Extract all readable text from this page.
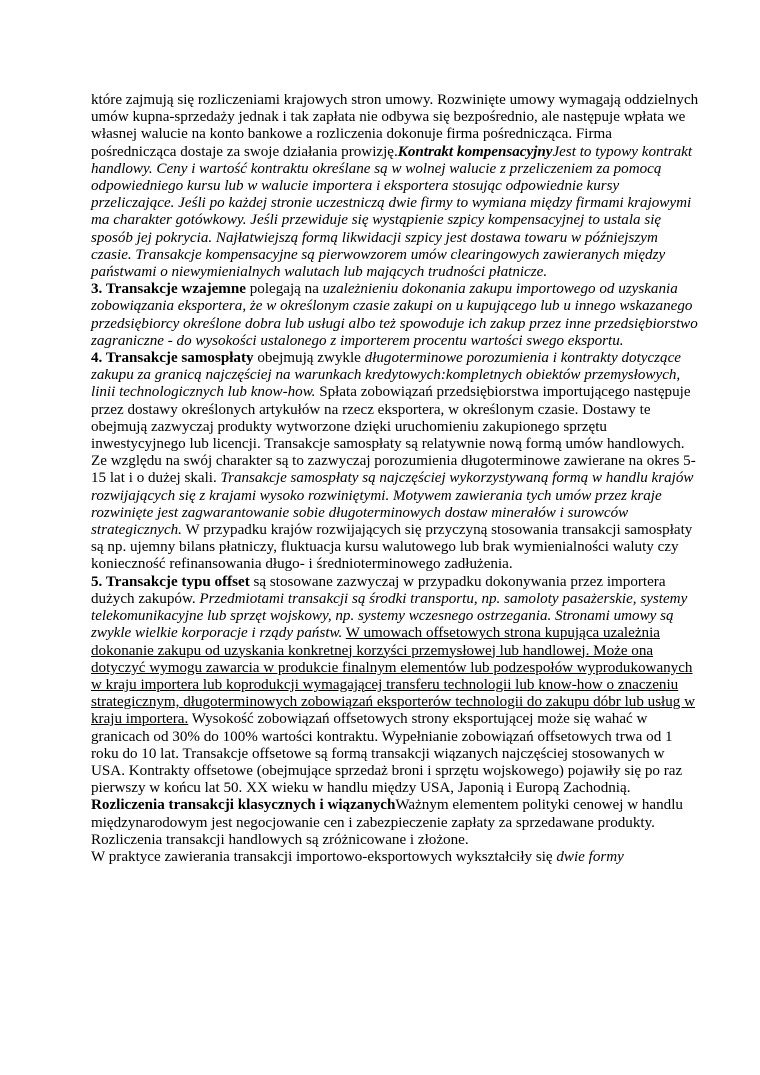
które zajmują się rozliczeniami krajowych stron umowy. Rozwinięte umowy wymagają oddzielnych umów kupna-sprzedaży jednak i tak zapłata nie odbywa się bezpośrednio, ale następuje wpłata we własnej walucie na konto bankowe a rozliczenia dokonuje firma pośrednicząca. Firma pośrednicząca dostaje za swoje działania prowizję.Kontrakt kompensacyjnyJest to typowy kontrakt handlowy. Ceny i wartość kontraktu określane są w wolnej walucie z przeliczeniem za pomocą odpowiedniego kursu lub w walucie importera i eksportera stosując odpowiednie kursy przeliczające. Jeśli po każdej stronie uczestniczą dwie firmy to wymiana między firmami krajowymi ma charakter gotówkowy. Jeśli przewiduje się wystąpienie szpicy kompensacyjnej to ustala się sposób jej pokrycia. Najłatwiejszą formą likwidacji szpicy jest dostawa towaru w późniejszym czasie. Transakcje kompensacyjne są pierwowzorem umów clearingowych zawieranych między państwami o niewymienialnych walutach lub mających trudności płatnicze.

3. Transakcje wzajemne polegają na uzależnieniu dokonania zakupu importowego od uzyskania zobowiązania eksportera, że w określonym czasie zakupi on u kupującego lub u innego wskazanego przedsiębiorcy określone dobra lub usługi albo też spowoduje ich zakup przez inne przedsiębiorstwo zagraniczne - do wysokości ustalonego z importerem procentu wartości swego eksportu.

4. Transakcje samospłaty obejmują zwykle długoterminowe porozumienia i kontrakty dotyczące zakupu za granicą najczęściej na warunkach kredytowych:kompletnych obiektów przemysłowych, linii technologicznych lub know-how. Spłata zobowiązań przedsiębiorstwa importującego następuje przez dostawy określonych artykułów na rzecz eksportera, w określonym czasie. Dostawy te obejmują zazwyczaj produkty wytworzone dzięki uruchomieniu zakupionego sprzętu inwestycyjnego lub licencji. Transakcje samospłaty są relatywnie nową formą umów handlowych. Ze względu na swój charakter są to zazwyczaj porozumienia długoterminowe zawierane na okres 5-15 lat i o dużej skali. Transakcje samospłaty są najczęściej wykorzystywaną formą w handlu krajów rozwijających się z krajami wysoko rozwiniętymi. Motywem zawierania tych umów przez kraje rozwinięte jest zagwarantowanie sobie długoterminowych dostaw minerałów i surowców strategicznych. W przypadku krajów rozwijających się przyczyną stosowania transakcji samospłaty są np. ujemny bilans płatniczy, fluktuacja kursu walutowego lub brak wymienialności waluty czy konieczność refinansowania długo- i średnioterminowego zadłużenia.

5. Transakcje typu offset są stosowane zazwyczaj w przypadku dokonywania przez importera dużych zakupów. Przedmiotami transakcji są środki transportu, np. samoloty pasażerskie, systemy telekomunikacyjne lub sprzęt wojskowy, np. systemy wczesnego ostrzegania. Stronami umowy są zwykle wielkie korporacje i rządy państw. W umowach offsetowych strona kupująca uzależnia dokonanie zakupu od uzyskania konkretnej korzyści przemysłowej lub handlowej. Może ona dotyczyć wymogu zawarcia w produkcie finalnym elementów lub podzespołów wyprodukowanych w kraju importera lub koprodukcji wymagającej transferu technologii lub know-how o znaczeniu strategicznym, długoterminowych zobowiązań eksporterów technologii do zakupu dóbr lub usług w kraju importera. Wysokość zobowiązań offsetowych strony eksportującej może się wahać w granicach od 30% do 100% wartości kontraktu. Wypełnianie zobowiązań offsetowych trwa od 1 roku do 10 lat. Transakcje offsetowe są formą transakcji wiązanych najczęściej stosowanych w USA. Kontrakty offsetowe (obejmujące sprzedaż broni i sprzętu wojskowego) pojawiły się po raz pierwszy w końcu lat 50. XX wieku w handlu między USA, Japonią i Europą Zachodnią.

Rozliczenia transakcji klasycznych i wiązanychWażnym elementem polityki cenowej w handlu międzynarodowym jest negocjowanie cen i zabezpieczenie zapłaty za sprzedawane produkty. Rozliczenia transakcji handlowych są zróżnicowane i złożone.

W praktyce zawierania transakcji importowo-eksportowych wykształciły się dwie formy
